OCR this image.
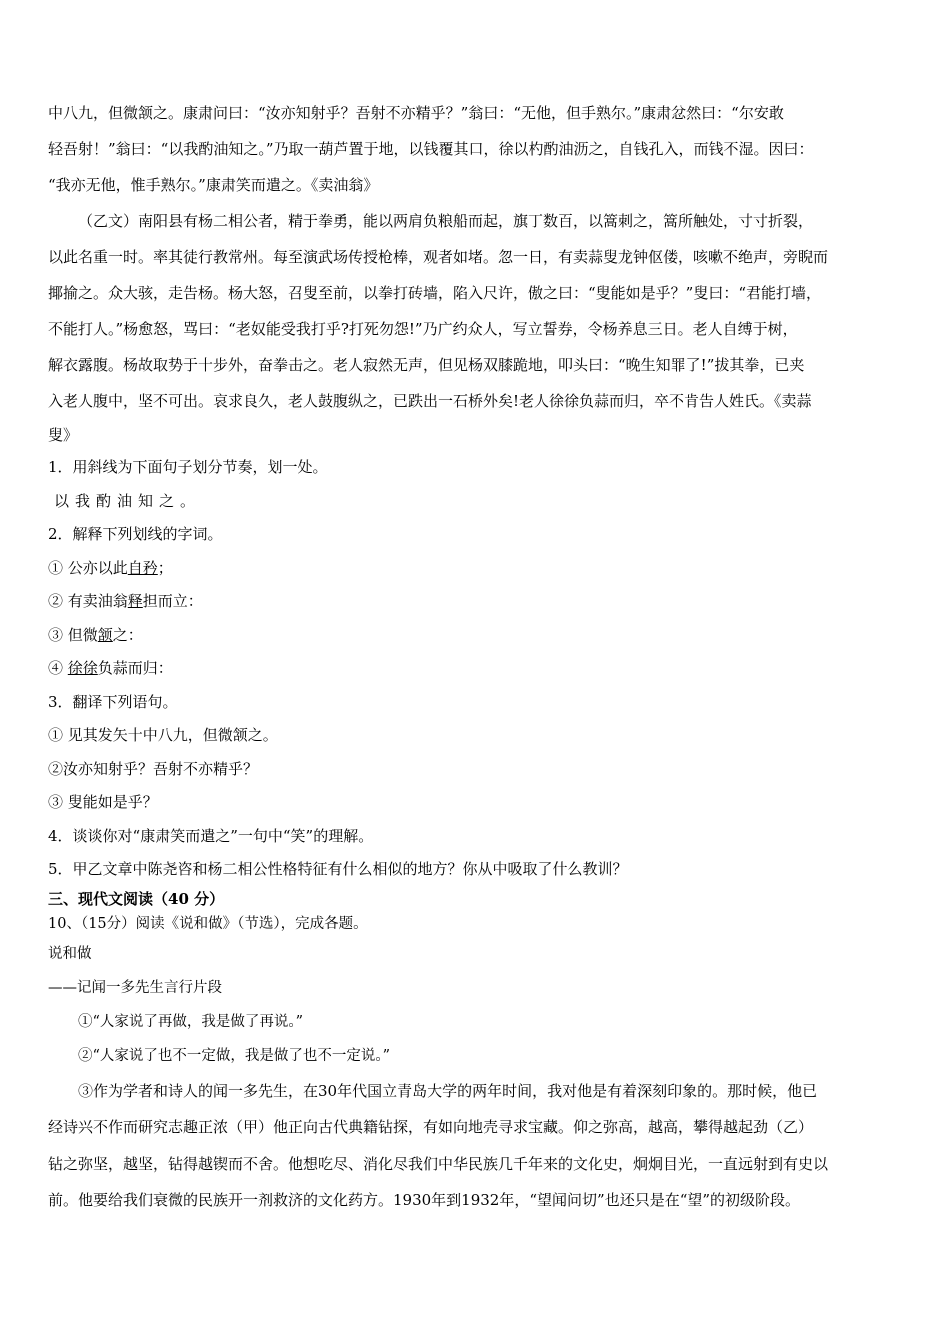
中八九，但微颔之。康肃问曰：“汝亦知射乎？吾射不亦精乎？”翁曰：“无他，但手熟尔。”康肃忿然曰：“尔安敢

轻吾射！”翁曰：“以我酌油知之。”乃取一葫芦置于地，以钱覆其口，徐以杓酌油沥之，自钱孔入，而钱不湿。因曰：

“我亦无他，惟手熟尔。”康肃笑而遣之。《卖油翁》

（乙文）南阳县有杨二相公者，精于拳勇，能以两肩负粮船而起，旗丁数百，以篙刺之，篙所触处，寸寸折裂，

以此名重一时。率其徒行教常州。每至演武场传授枪棒，观者如堵。忽一日，有卖蒜叟龙钟伛偻，咳嗽不绝声，旁睨而

揶揄之。众大骇，走告杨。杨大怒，召叟至前，以拳打砖墙，陷入尺许，傲之曰：“叟能如是乎？”叟曰：“君能打墙，

不能打人。”杨愈怒，骂曰：“老奴能受我打乎?打死勿怨!”乃广约众人，写立誓券，令杨养息三日。老人自缚于树，

解衣露腹。杨故取势于十步外，奋拳击之。老人寂然无声，但见杨双膝跪地，叩头曰：“晚生知罪了!”拔其拳，已夹

入老人腹中，坚不可出。哀求良久，老人鼓腹纵之，已跌出一石桥外矣!老人徐徐负蒜而归，卒不肯告人姓氏。《卖蒜

叟》

1．用斜线为下面句子划分节奏，划一处。

以我酌油知之。

2．解释下列划线的字词。

① 公亦以此自矜；

② 有卖油翁释担而立：

③ 但微颔之：

④ 徐徐负蒜而归：

3．翻译下列语句。

① 见其发矢十中八九，但微颔之。

②汝亦知射乎？吾射不亦精乎？

③ 叟能如是乎？

4．谈谈你对“康肃笑而遣之”一句中“笑”的理解。

5．甲乙文章中陈尧咨和杨二相公性格特征有什么相似的地方？你从中吸取了什么教训？

三、现代文阅读（40 分）

10、（15分）阅读《说和做》（节选），完成各题。

说和做

——记闻一多先生言行片段

①“人家说了再做，我是做了再说。”

②“人家说了也不一定做，我是做了也不一定说。”

③作为学者和诗人的闻一多先生，在30年代国立青岛大学的两年时间，我对他是有着深刻印象的。那时候，他已

经诗兴不作而研究志趣正浓（甲）他正向古代典籍钻探，有如向地壳寻求宝藏。仰之弥高，越高，攀得越起劲（乙）

钻之弥坚，越坚，钻得越锲而不舍。他想吃尽、消化尽我们中华民族几千年来的文化史，炯炯目光，一直远射到有史以

前。他要给我们衰微的民族开一剂救济的文化药方。1930年到1932年，“望闻问切”也还只是在“望”的初级阶段。
